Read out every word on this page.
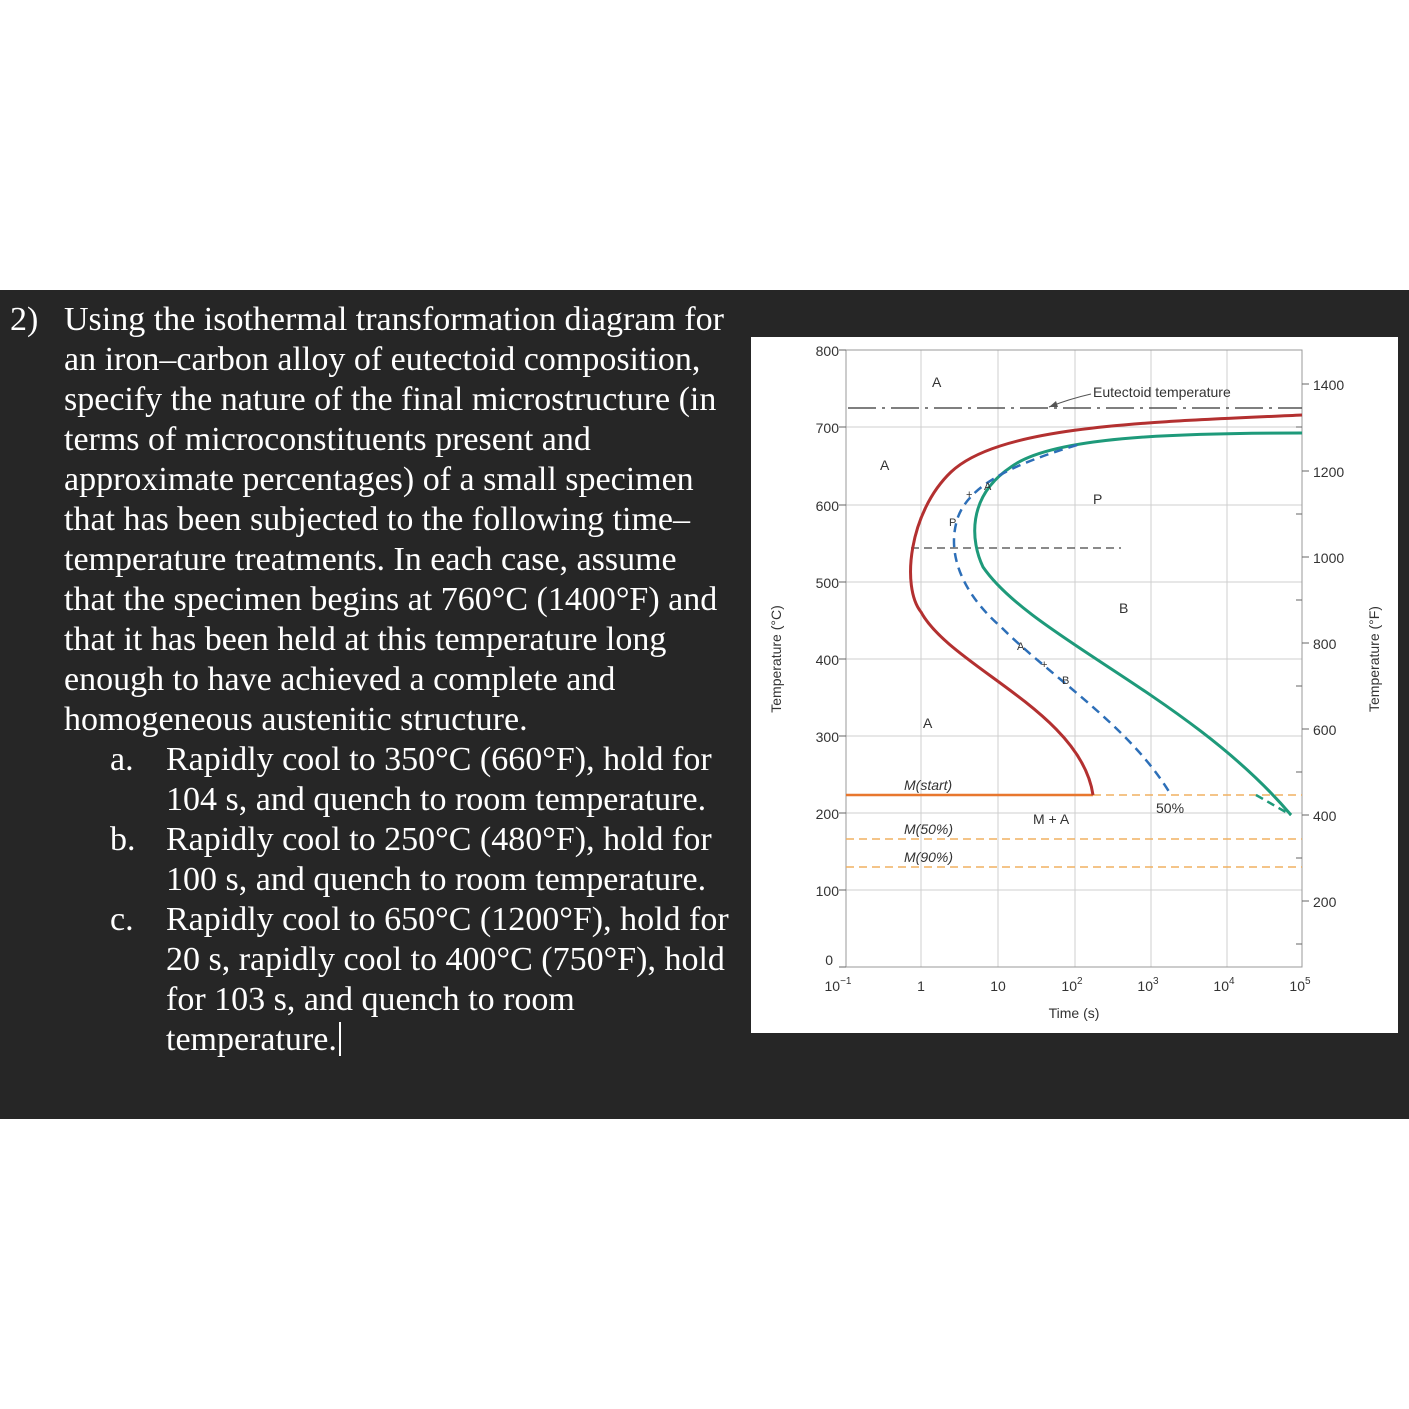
2) Using the isothermal transformation diagram for an iron–carbon alloy of eutectoid composition, specify the nature of the final microstructure (in terms of microconstituents present and approximate percentages) of a small specimen that has been subjected to the following time–temperature treatments. In each case, assume that the specimen begins at 760°C (1400°F) and that it has been held at this temperature long enough to have achieved a complete and homogeneous austenitic structure.
a. Rapidly cool to 350°C (660°F), hold for 104 s, and quench to room temperature.
b. Rapidly cool to 250°C (480°F), hold for 100 s, and quench to room temperature.
c. Rapidly cool to 650°C (1200°F), hold for 20 s, rapidly cool to 400°C (750°F), hold for 103 s, and quench to room temperature.
800
700
600
500
400
300
200
100
0
1400
1200
1000
800
600
400
200
$10^{-1}$	1	10	$10^2$	$10^3$	$10^4$	$10^5$
Time (s)
Temperature (°C)	Temperature (°F)
Eutectoid temperature
A
A
P
B
A
M(start)
M(50%)
M(90%)
M + A
50%
A
P
+
A
+
B
